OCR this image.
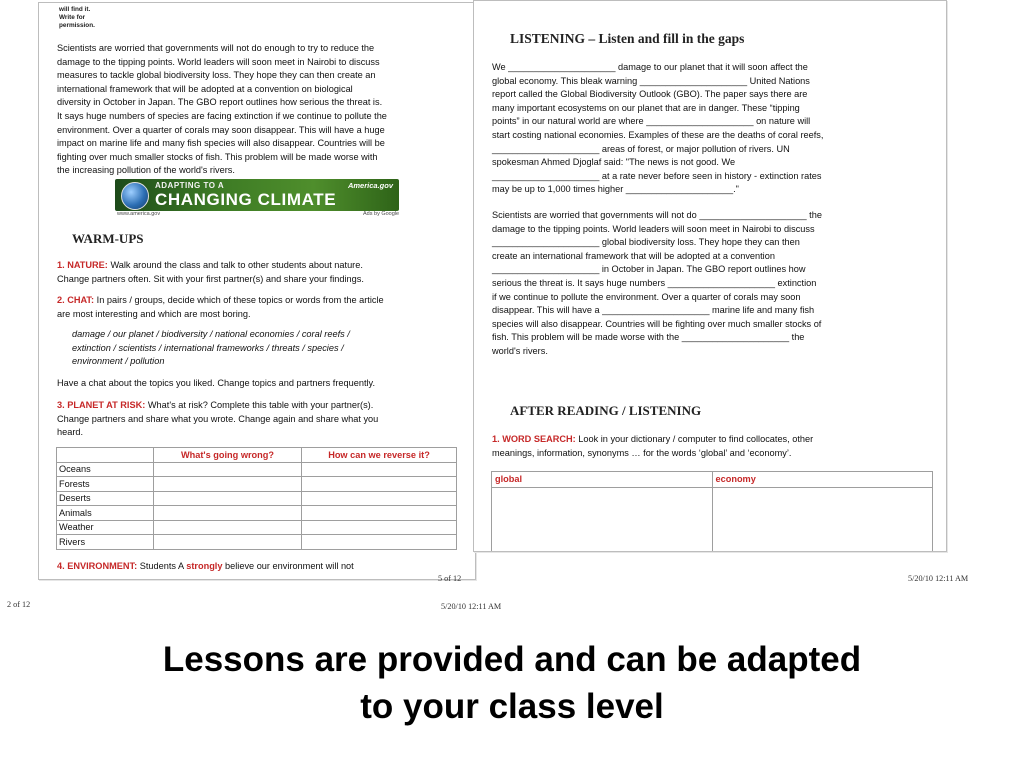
will find it.
Write for
permission.
Scientists are worried that governments will not do enough to try to reduce the
damage to the tipping points. World leaders will soon meet in Nairobi to discuss
measures to tackle global biodiversity loss. They hope they can then create an
international framework that will be adopted at a convention on biological
diversity in October in Japan. The GBO report outlines how serious the threat is.
It says huge numbers of species are facing extinction if we continue to pollute the
environment. Over a quarter of corals may soon disappear. This will have a huge
impact on marine life and many fish species will also disappear. Countries will be
fighting over much smaller stocks of fish. This problem will be made worse with
the increasing pollution of the world's rivers.
ADAPTING TO A
CHANGING CLIMATE
America.gov
www.america.gov	Ads by Google
WARM-UPS
1. NATURE: Walk around the class and talk to other students about nature.
Change partners often. Sit with your first partner(s) and share your findings.
2. CHAT: In pairs / groups, decide which of these topics or words from the article
are most interesting and which are most boring.
damage / our planet / biodiversity / national economies / coral reefs /
extinction / scientists / international frameworks / threats / species /
environment / pollution
Have a chat about the topics you liked. Change topics and partners frequently.
3. PLANET AT RISK: What's at risk? Complete this table with your partner(s).
Change partners and share what you wrote. Change again and share what you
heard.
	What's going wrong?	How can we reverse it?
Oceans		
Forests		
Deserts		
Animals		
Weather		
Rivers		
4. ENVIRONMENT: Students A strongly believe our environment will not
LISTENING – Listen and fill in the gaps
We _____________________ damage to our planet that it will soon affect the
global economy. This bleak warning _____________________ United Nations
report called the Global Biodiversity Outlook (GBO). The paper says there are
many important ecosystems on our planet that are in danger. These “tipping
points” in our natural world are where _____________________ on nature will
start costing national economies. Examples of these are the deaths of coral reefs,
_____________________ areas of forest, or major pollution of rivers. UN
spokesman Ahmed Djoglaf said: "The news is not good. We
_____________________ at a rate never before seen in history - extinction rates
may be up to 1,000 times higher _____________________."
Scientists are worried that governments will not do _____________________ the
damage to the tipping points. World leaders will soon meet in Nairobi to discuss
_____________________ global biodiversity loss. They hope they can then
create an international framework that will be adopted at a convention
_____________________ in October in Japan. The GBO report outlines how
serious the threat is. It says huge numbers _____________________ extinction
if we continue to pollute the environment. Over a quarter of corals may soon
disappear. This will have a _____________________ marine life and many fish
species will also disappear. Countries will be fighting over much smaller stocks of
fish. This problem will be made worse with the _____________________ the
world's rivers.
AFTER READING / LISTENING
1. WORD SEARCH: Look in your dictionary / computer to find collocates, other
meanings, information, synonyms … for the words ‘global’ and ‘economy’.
global	economy

5 of 12	5/20/10 12:11 AM
2 of 12	5/20/10 12:11 AM
Lessons are provided and can be adapted
to your class level
